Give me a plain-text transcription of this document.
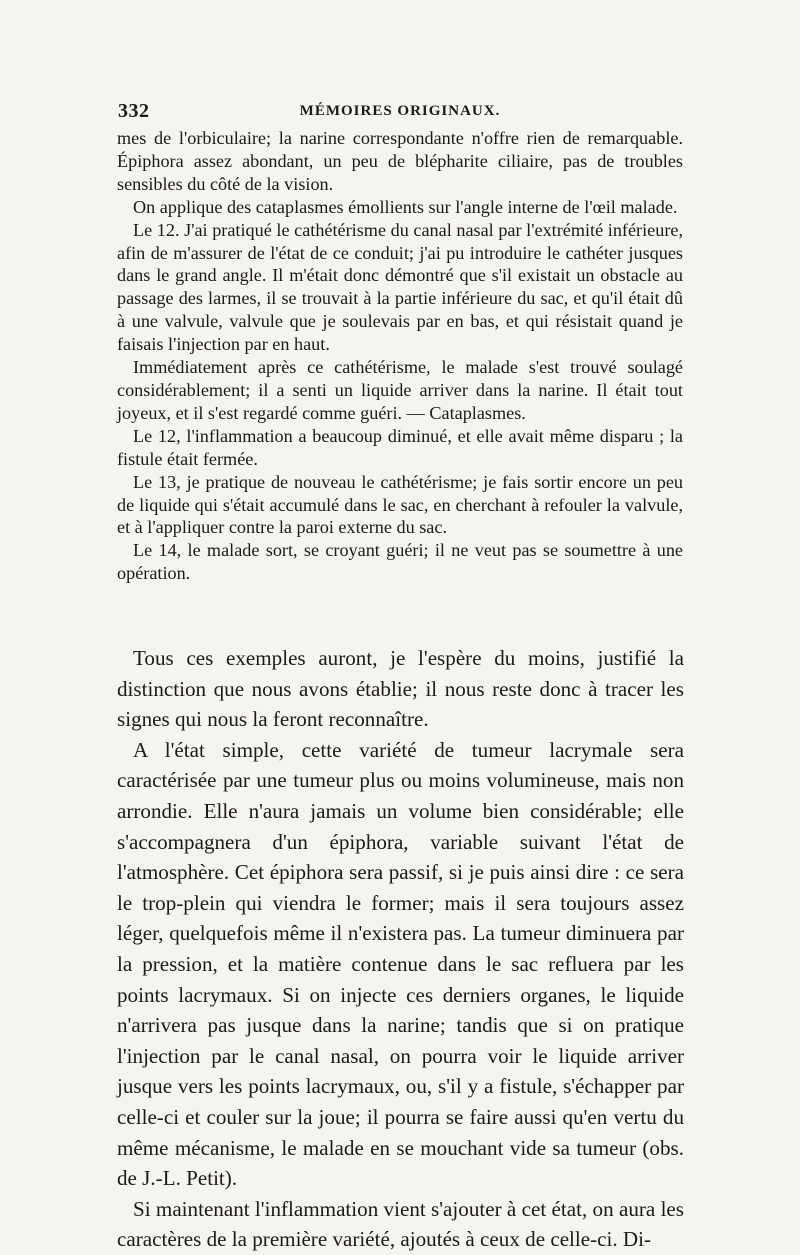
332	MÉMOIRES ORIGINAUX.

mes de l'orbiculaire; la narine correspondante n'offre rien de remarquable. Épiphora assez abondant, un peu de blépharite ciliaire, pas de troubles sensibles du côté de la vision.

On applique des cataplasmes émollients sur l'angle interne de l'œil malade.

Le 12. J'ai pratiqué le cathétérisme du canal nasal par l'extrémité inférieure, afin de m'assurer de l'état de ce conduit; j'ai pu introduire le cathéter jusques dans le grand angle. Il m'était donc démontré que s'il existait un obstacle au passage des larmes, il se trouvait à la partie inférieure du sac, et qu'il était dû à une valvule, valvule que je soulevais par en bas, et qui résistait quand je faisais l'injection par en haut.

Immédiatement après ce cathétérisme, le malade s'est trouvé soulagé considérablement; il a senti un liquide arriver dans la narine. Il était tout joyeux, et il s'est regardé comme guéri. — Cataplasmes.

Le 12, l'inflammation a beaucoup diminué, et elle avait même disparu ; la fistule était fermée.

Le 13, je pratique de nouveau le cathétérisme; je fais sortir encore un peu de liquide qui s'était accumulé dans le sac, en cherchant à refouler la valvule, et à l'appliquer contre la paroi externe du sac.

Le 14, le malade sort, se croyant guéri; il ne veut pas se soumettre à une opération.

Tous ces exemples auront, je l'espère du moins, justifié la distinction que nous avons établie; il nous reste donc à tracer les signes qui nous la feront reconnaître.

A l'état simple, cette variété de tumeur lacrymale sera caractérisée par une tumeur plus ou moins volumineuse, mais non arrondie. Elle n'aura jamais un volume bien considérable; elle s'accompagnera d'un épiphora, variable suivant l'état de l'atmosphère. Cet épiphora sera passif, si je puis ainsi dire : ce sera le trop-plein qui viendra le former; mais il sera toujours assez léger, quelquefois même il n'existera pas. La tumeur diminuera par la pression, et la matière contenue dans le sac refluera par les points lacrymaux. Si on injecte ces derniers organes, le liquide n'arrivera pas jusque dans la narine; tandis que si on pratique l'injection par le canal nasal, on pourra voir le liquide arriver jusque vers les points lacrymaux, ou, s'il y a fistule, s'échapper par celle-ci et couler sur la joue; il pourra se faire aussi qu'en vertu du même mécanisme, le malade en se mouchant vide sa tumeur (obs. de J.-L. Petit).

Si maintenant l'inflammation vient s'ajouter à cet état, on aura les caractères de la première variété, ajoutés à ceux de celle-ci. Di-
